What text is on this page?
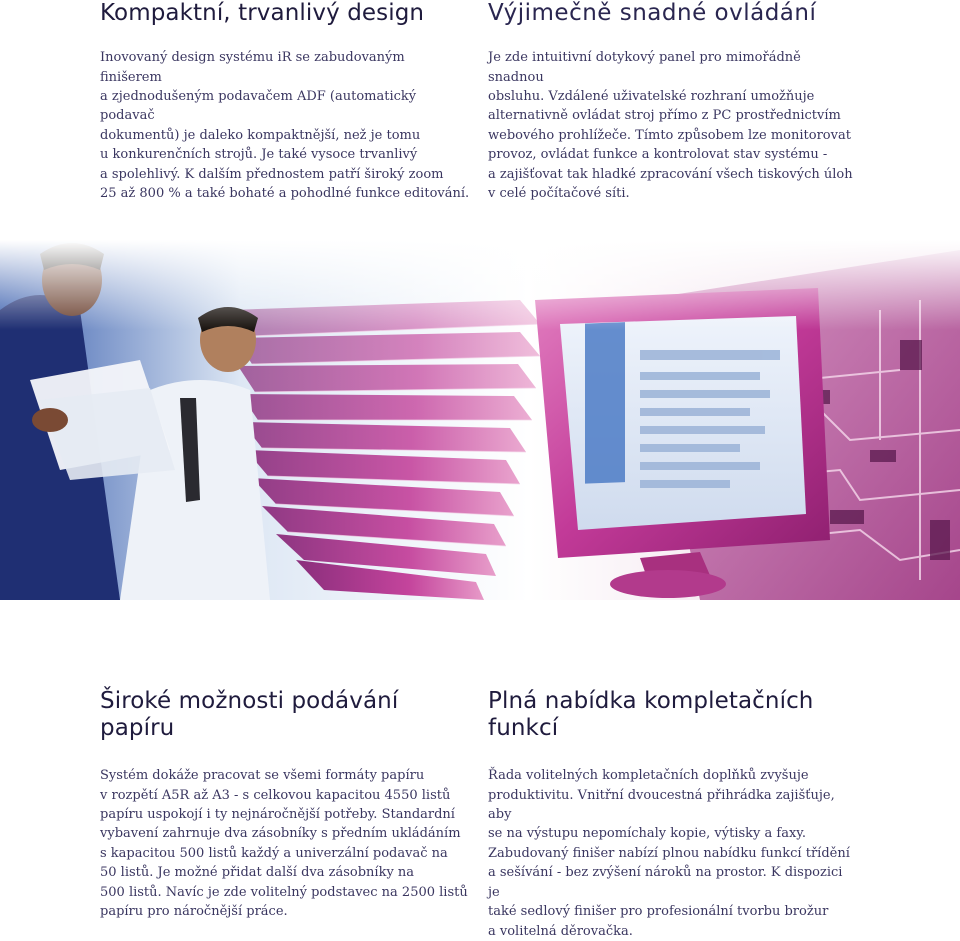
Kompaktní, trvanlivý design

Inovovaný design systému iR se zabudovaným finišerem
a zjednodušeným podavačem ADF (automatický podavač
dokumentů) je daleko kompaktnější, než je tomu
u konkurenčních strojů. Je také vysoce trvanlivý
a spolehlivý. K dalším přednostem patří široký zoom
25 až 800 % a také bohaté a pohodlné funkce editování.

Výjimečně snadné ovládání

Je zde intuitivní dotykový panel pro mimořádně snadnou
obsluhu. Vzdálené uživatelské rozhraní umožňuje
alternativně ovládat stroj přímo z PC prostřednictvím
webového prohlížeče. Tímto způsobem lze monitorovat
provoz, ovládat funkce a kontrolovat stav systému -
a zajišťovat tak hladké zpracování všech tiskových úloh
v celé počítačové síti.

Široké možnosti podávání
papíru

Systém dokáže pracovat se všemi formáty papíru
v rozpětí A5R až A3 - s celkovou kapacitou 4550 listů
papíru uspokojí i ty nejnáročnější potřeby. Standardní
vybavení zahrnuje dva zásobníky s předním ukládáním
s kapacitou 500 listů každý a univerzální podavač na
50 listů. Je možné přidat další dva zásobníky na
500 listů. Navíc je zde volitelný podstavec na 2500 listů
papíru pro náročnější práce.

Plná nabídka kompletačních
funkcí

Řada volitelných kompletačních doplňků zvyšuje
produktivitu. Vnitřní dvoucestná přihrádka zajišťuje, aby
se na výstupu nepomíchaly kopie, výtisky a faxy.
Zabudovaný finišer nabízí plnou nabídku funkcí třídění
a sešívání - bez zvýšení nároků na prostor. K dispozici je
také sedlový finišer pro profesionální tvorbu brožur
a volitelná děrovačka.
